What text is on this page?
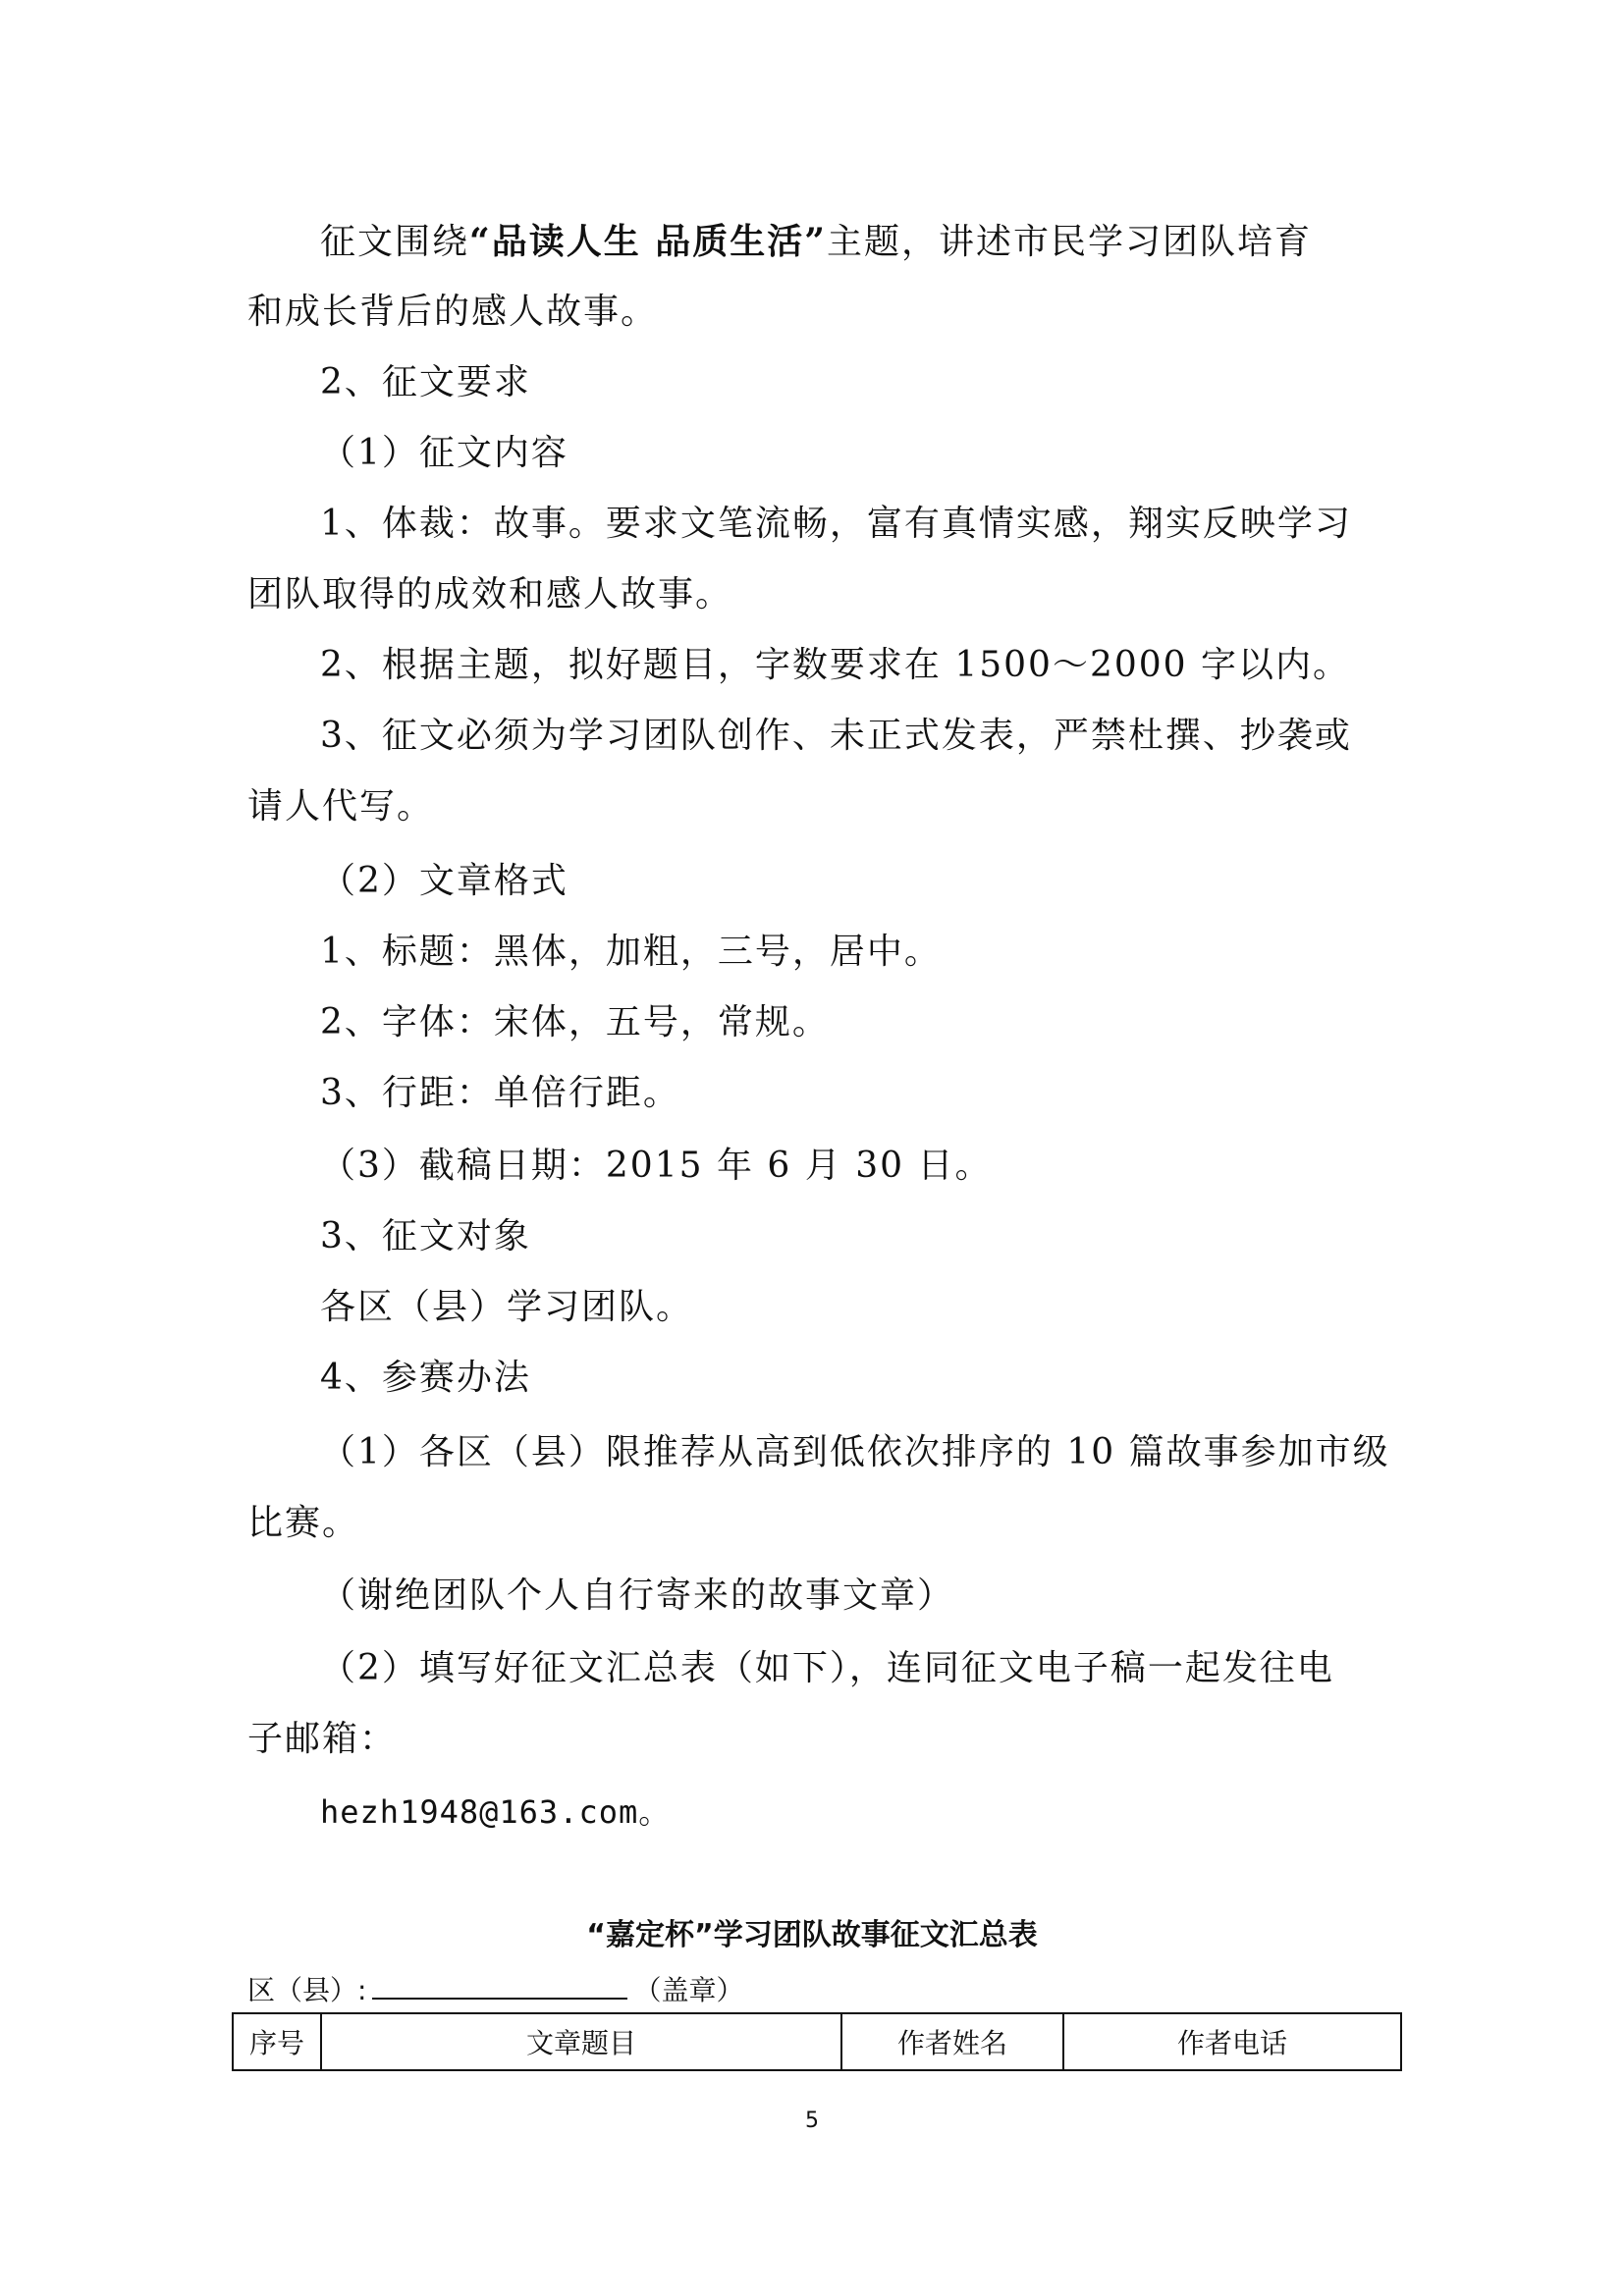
征文围绕“品读人生 品质生活”主题，讲述市民学习团队培育
和成长背后的感人故事。
2、征文要求
（1）征文内容
1、体裁：故事。要求文笔流畅，富有真情实感，翔实反映学习
团队取得的成效和感人故事。
2、根据主题，拟好题目，字数要求在 1500～2000 字以内。
3、征文必须为学习团队创作、未正式发表，严禁杜撰、抄袭或
请人代写。
（2）文章格式
1、标题：黑体，加粗，三号，居中。
2、字体：宋体，五号，常规。
3、行距：单倍行距。
（3）截稿日期：2015 年 6 月 30 日。
3、征文对象
各区（县）学习团队。
4、参赛办法
（1）各区（县）限推荐从高到低依次排序的 10 篇故事参加市级
比赛。
（谢绝团队个人自行寄来的故事文章）
（2）填写好征文汇总表（如下），连同征文电子稿一起发往电
子邮箱：
hezh1948@163.com。
“嘉定杯”学习团队故事征文汇总表
区（县）:	（盖章）
序号	文章题目	作者姓名	作者电话
5
